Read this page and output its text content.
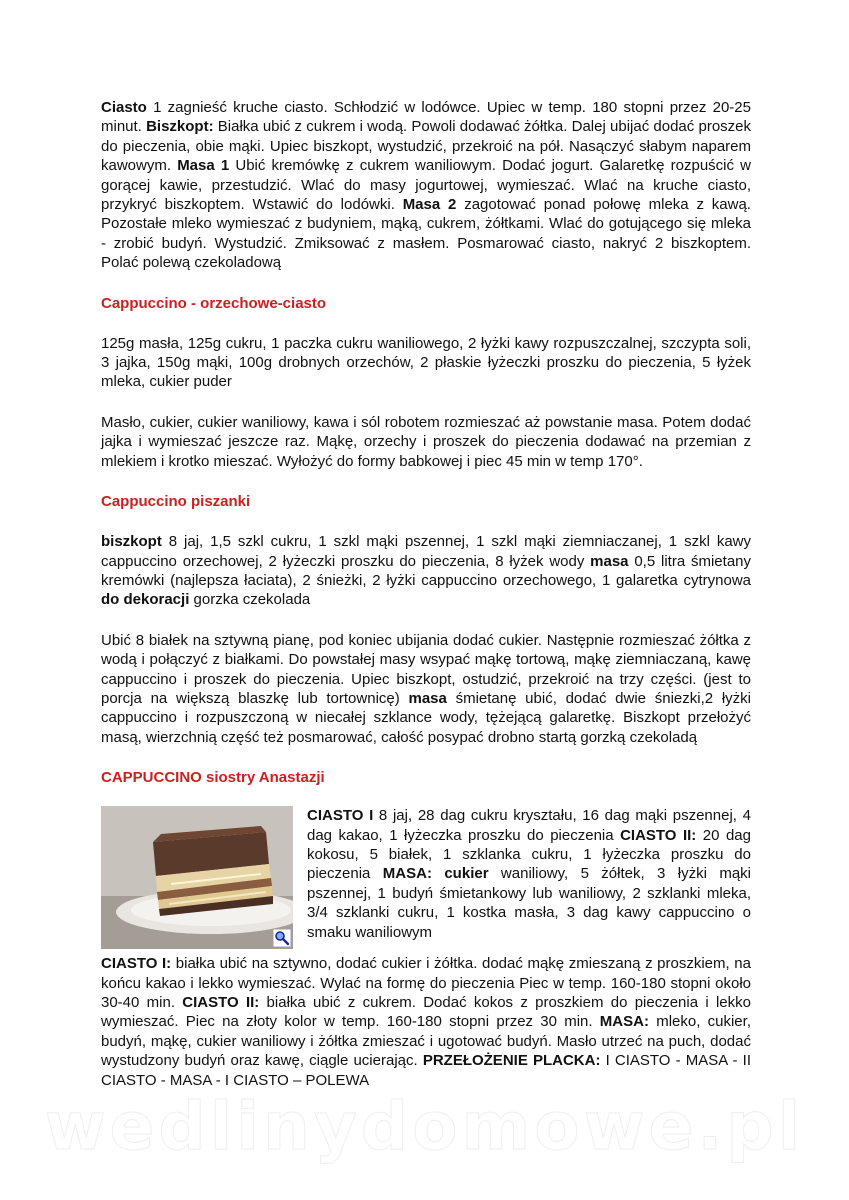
Ciasto 1 zagnieść kruche ciasto. Schłodzić w lodówce. Upiec w temp. 180 stopni przez 20-25 minut. Biszkopt: Białka ubić z cukrem i wodą. Powoli dodawać żółtka. Dalej ubijać dodać proszek do pieczenia, obie mąki. Upiec biszkopt, wystudzić, przekroić na pół. Nasączyć słabym naparem kawowym. Masa 1 Ubić kremówkę z cukrem waniliowym. Dodać jogurt. Galaretkę rozpuścić w gorącej kawie, przestudzić. Wlać do masy jogurtowej, wymieszać. Wlać na kruche ciasto, przykryć biszkoptem. Wstawić do lodówki. Masa 2 zagotować ponad połowę mleka z kawą. Pozostałe mleko wymieszać z budyniem, mąką, cukrem, żółtkami. Wlać do gotującego się mleka - zrobić budyń. Wystudzić. Zmiksować z masłem. Posmarować ciasto, nakryć 2 biszkoptem. Polać polewą czekoladową

Cappuccino - orzechowe-ciasto

125g masła, 125g cukru, 1 paczka cukru waniliowego, 2 łyżki kawy rozpuszczalnej, szczypta soli, 3 jajka, 150g mąki, 100g drobnych orzechów, 2 płaskie łyżeczki proszku do pieczenia, 5 łyżek mleka, cukier puder

Masło, cukier, cukier waniliowy, kawa i sól robotem rozmieszać aż powstanie masa. Potem dodać jajka i wymieszać jeszcze raz. Mąkę, orzechy i proszek do pieczenia dodawać na przemian z mlekiem i krotko mieszać. Wyłożyć do formy babkowej i piec 45 min w temp 170°.

Cappuccino piszanki

biszkopt 8 jaj, 1,5 szkl cukru, 1 szkl mąki pszennej, 1 szkl mąki ziemniaczanej, 1 szkl kawy cappuccino orzechowej, 2 łyżeczki proszku do pieczenia, 8 łyżek wody masa 0,5 litra śmietany kremówki (najlepsza łaciata), 2 śnieżki, 2 łyżki cappuccino orzechowego, 1 galaretka cytrynowa do dekoracji gorzka czekolada

Ubić 8 białek na sztywną pianę, pod koniec ubijania dodać cukier. Następnie rozmieszać żółtka z wodą i połączyć z białkami. Do powstałej masy wsypać mąkę tortową, mąkę ziemniaczaną, kawę cappuccino i proszek do pieczenia. Upiec biszkopt, ostudzić, przekroić na trzy części. (jest to porcja na większą blaszkę lub tortownicę) masa śmietanę ubić, dodać dwie śniezki,2 łyżki cappuccino i rozpuszczoną w niecałej szklance wody, tężejącą galaretkę. Biszkopt przełożyć masą, wierzchnią część też posmarować, całość posypać drobno startą gorzką czekoladą

CAPPUCCINO siostry Anastazji

CIASTO I 8 jaj, 28 dag cukru kryształu, 16 dag mąki pszennej, 4 dag kakao, 1 łyżeczka proszku do pieczenia CIASTO II: 20 dag kokosu, 5 białek, 1 szklanka cukru, 1 łyżeczka proszku do pieczenia MASA: cukier waniliowy, 5 żółtek, 3 łyżki mąki pszennej, 1 budyń śmietankowy lub waniliowy, 2 szklanki mleka, 3/4 szklanki cukru, 1 kostka masła, 3 dag kawy cappuccino o smaku waniliowym

CIASTO I: białka ubić na sztywno, dodać cukier i żółtka. dodać mąkę zmieszaną z proszkiem, na końcu kakao i lekko wymieszać. Wylać na formę do pieczenia Piec w temp. 160-180 stopni około 30-40 min. CIASTO II: białka ubić z cukrem. Dodać kokos z proszkiem do pieczenia i lekko wymieszać. Piec na złoty kolor w temp. 160-180 stopni przez 30 min. MASA: mleko, cukier, budyń, mąkę, cukier waniliowy i żółtka zmieszać i ugotować budyń. Masło utrzeć na puch, dodać wystudzony budyń oraz kawę, ciągle ucierając. PRZEŁOŻENIE PLACKA: I CIASTO - MASA - II CIASTO - MASA - I CIASTO – POLEWA

wedlinydomowe.pl
